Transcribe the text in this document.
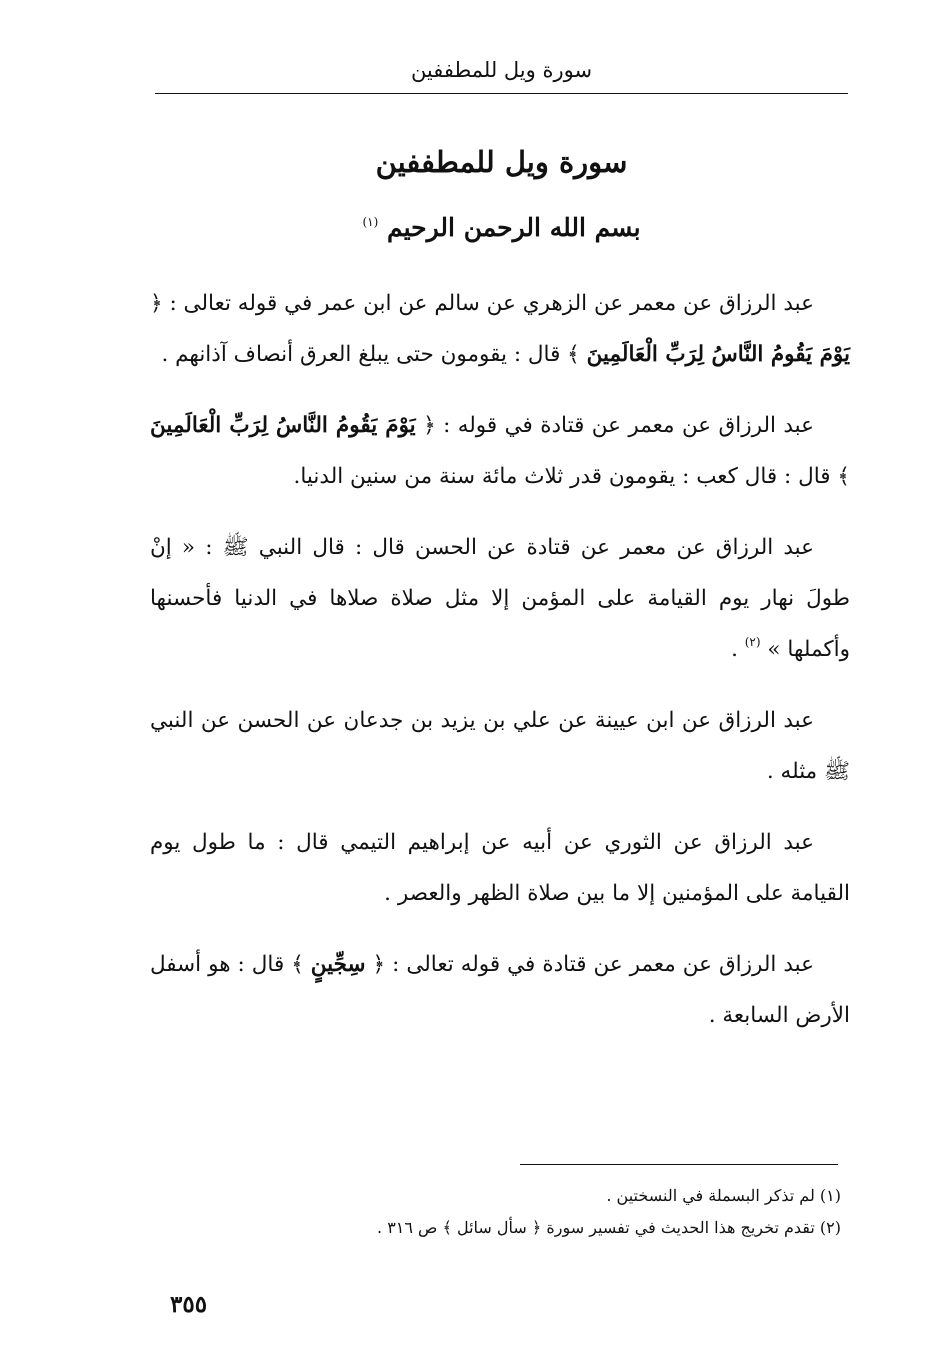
سورة ويل للمطففين
سورة ويل للمطففين
بسم الله الرحمن الرحيم $^{(١)}$

عبد الرزاق عن معمر عن الزهري عن سالم عن ابن عمر في قوله تعالى : ﴿ يَوْمَ يَقُومُ النَّاسُ لِرَبِّ الْعَالَمِينَ ﴾ قال : يقومون حتى يبلغ العرق أنصاف آذانهم .

عبد الرزاق عن معمر عن قتادة في قوله : ﴿ يَوْمَ يَقُومُ النَّاسُ لِرَبِّ الْعَالَمِينَ ﴾ قال : قال كعب : يقومون قدر ثلاث مائة سنة من سنين الدنيا.

عبد الرزاق عن معمر عن قتادة عن الحسن قال : قال النبي ﷺ : « إنْ طولَ نهار يوم القيامة على المؤمن إلا مثل صلاة صلاها في الدنيا فأحسنها وأكملها » $^{(٢)}$ .

عبد الرزاق عن ابن عيينة عن علي بن يزيد بن جدعان عن الحسن عن النبي ﷺ مثله .

عبد الرزاق عن الثوري عن أبيه عن إبراهيم التيمي قال : ما طول يوم القيامة على المؤمنين إلا ما بين صلاة الظهر والعصر .

عبد الرزاق عن معمر عن قتادة في قوله تعالى : ﴿ سِجِّينٍ ﴾ قال : هو أسفل الأرض السابعة .

(١) لم تذكر البسملة في النسختين .

(٢) تقدم تخريج هذا الحديث في تفسير سورة ﴿ سأل سائل ﴾ ص ٣١٦ .

٣٥٥
